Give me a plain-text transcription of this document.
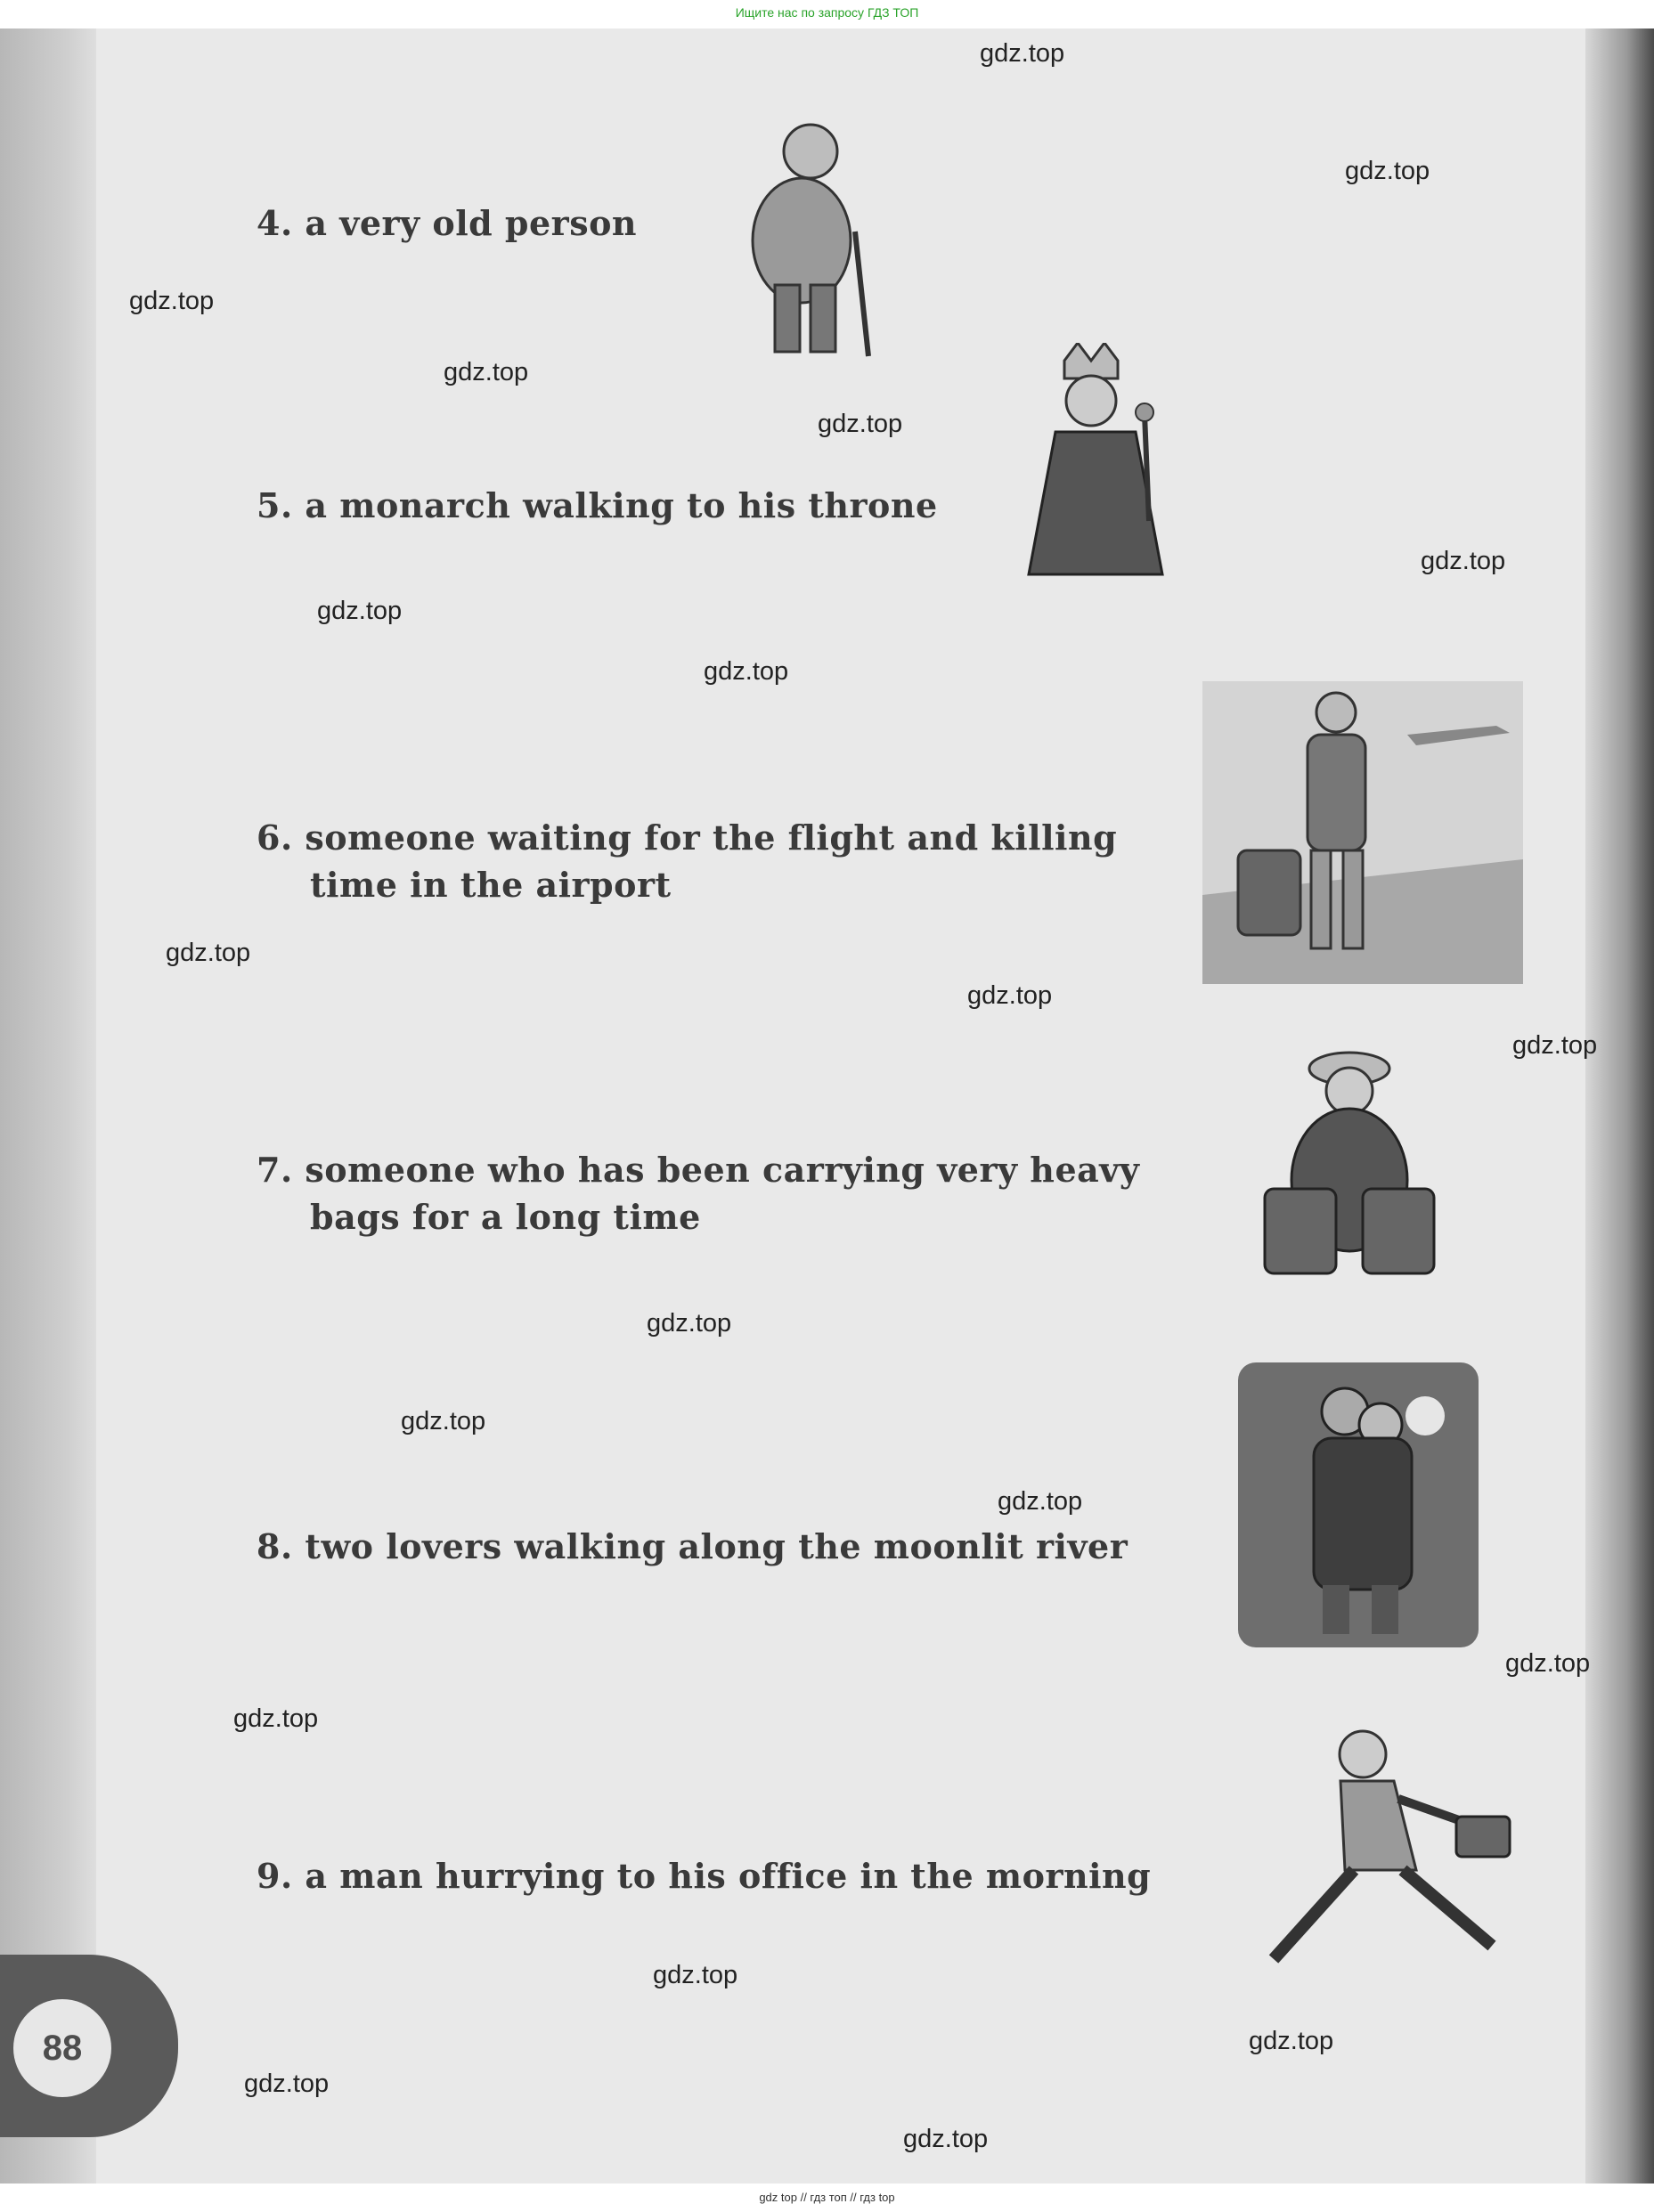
Ищите нас по запросу ГДЗ ТОП
gdz.top
gdz.top
gdz.top
gdz.top
gdz.top
gdz.top
gdz.top
gdz.top
gdz.top
gdz.top
gdz.top
gdz.top
gdz.top
gdz.top
gdz.top
gdz.top
gdz.top
gdz.top
gdz.top
gdz.top
4. a very old person
5. a monarch walking to his throne
6. someone waiting for the flight and killing
time in the airport
7. someone who has been carrying very heavy
bags for a long time
8. two lovers walking along the moonlit river
9. a man hurrying to his office in the morning
88
gdz top // гдз топ // гдз top
